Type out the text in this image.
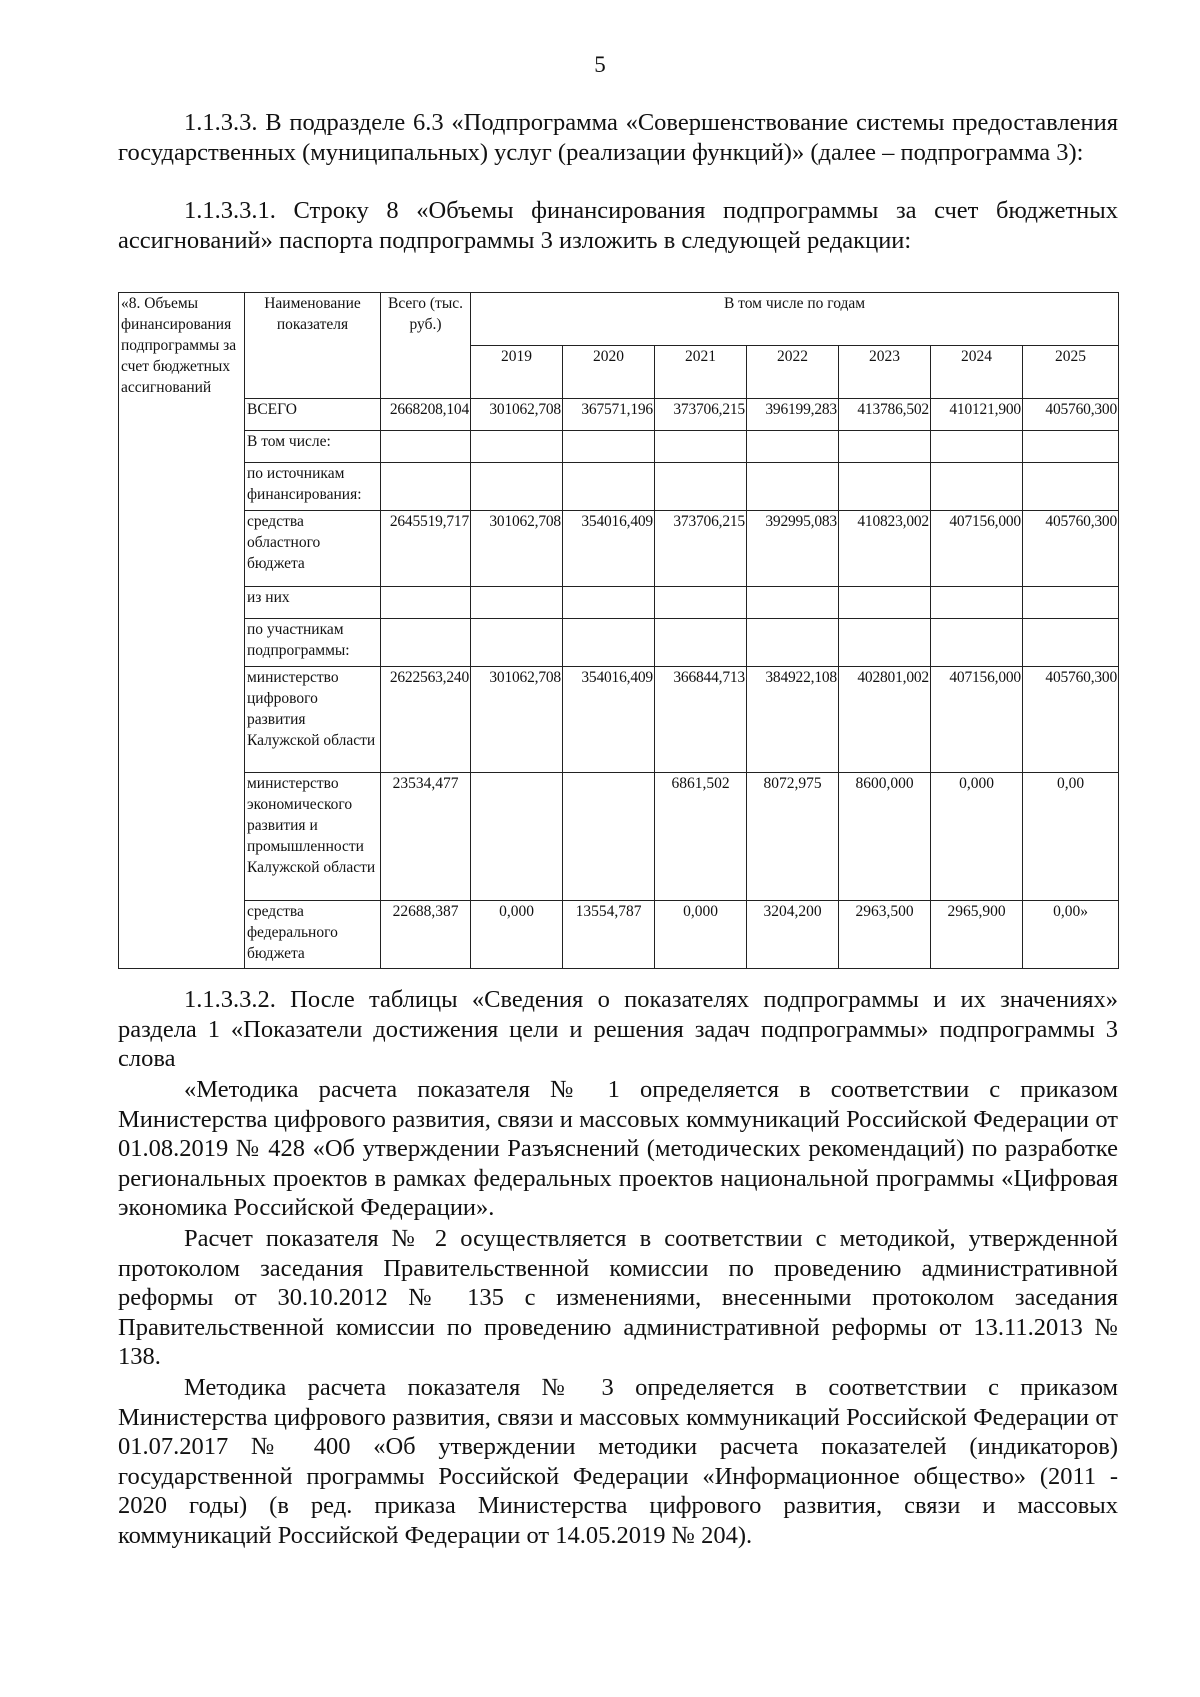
5
1.1.3.3. В подразделе 6.3 «Подпрограмма «Совершенствование системы предоставления государственных (муниципальных) услуг (реализации функций)» (далее – подпрограмма 3):
1.1.3.3.1. Строку 8 «Объемы финансирования подпрограммы за счет бюджетных ассигнований» паспорта подпрограммы 3 изложить в следующей редакции:
«8. Объемы финансирования подпрограммы за счет бюджетных ассигнований	Наименование показателя	Всего (тыс. руб.)	В том числе по годам						
			2019	2020	2021	2022	2023	2024	2025
	ВСЕГО	2668208,104	301062,708	367571,196	373706,215	396199,283	413786,502	410121,900	405760,300
	В том числе:								
	по источникам финансирования:								
	средства областного бюджета	2645519,717	301062,708	354016,409	373706,215	392995,083	410823,002	407156,000	405760,300
	из них								
	по участникам подпрограммы:								
	министерство цифрового развития Калужской области	2622563,240	301062,708	354016,409	366844,713	384922,108	402801,002	407156,000	405760,300
	министерство экономического развития и промышленности Калужской области	23534,477			6861,502	8072,975	8600,000	0,000	0,00
	средства федерального бюджета	22688,387	0,000	13554,787	0,000	3204,200	2963,500	2965,900	0,00»
1.1.3.3.2. После таблицы «Сведения о показателях подпрограммы и их значениях» раздела 1 «Показатели достижения цели и решения задач подпрограммы» подпрограммы 3 слова
«Методика расчета показателя № 1 определяется в соответствии с приказом Министерства цифрового развития, связи и массовых коммуникаций Российской Федерации от 01.08.2019 № 428 «Об утверждении Разъяснений (методических рекомендаций) по разработке региональных проектов в рамках федеральных проектов национальной программы «Цифровая экономика Российской Федерации».
Расчет показателя № 2 осуществляется в соответствии с методикой, утвержденной протоколом заседания Правительственной комиссии по проведению административной реформы от 30.10.2012 № 135 с изменениями, внесенными протоколом заседания Правительственной комиссии по проведению административной реформы от 13.11.2013 № 138.
Методика расчета показателя № 3 определяется в соответствии с приказом Министерства цифрового развития, связи и массовых коммуникаций Российской Федерации от 01.07.2017 № 400 «Об утверждении методики расчета показателей (индикаторов) государственной программы Российской Федерации «Информационное общество» (2011 - 2020 годы) (в ред. приказа Министерства цифрового развития, связи и массовых коммуникаций Российской Федерации от 14.05.2019 № 204).
